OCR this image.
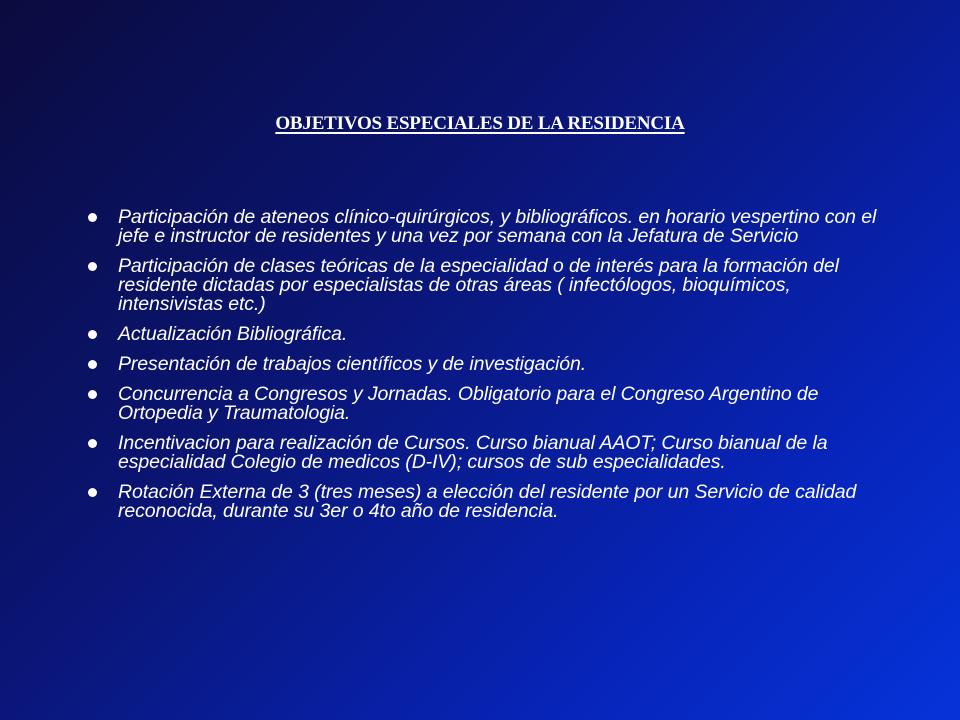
OBJETIVOS ESPECIALES DE LA RESIDENCIA
Participación de ateneos clínico-quirúrgicos, y bibliográficos. en horario vespertino con el jefe e instructor de residentes y una vez por semana con la Jefatura de Servicio
Participación de clases teóricas de la especialidad o de interés para la formación del residente dictadas por especialistas de otras áreas ( infectólogos, bioquímicos, intensivistas etc.)
Actualización Bibliográfica.
Presentación de trabajos científicos y de investigación.
Concurrencia a Congresos y Jornadas. Obligatorio para el Congreso Argentino de Ortopedia y Traumatologia.
Incentivacion para realización de Cursos. Curso bianual AAOT; Curso bianual de la especialidad Colegio de medicos (D-IV); cursos de sub especialidades.
Rotación Externa de 3 (tres meses) a elección del residente por un Servicio de calidad reconocida, durante su 3er o 4to año de residencia.
